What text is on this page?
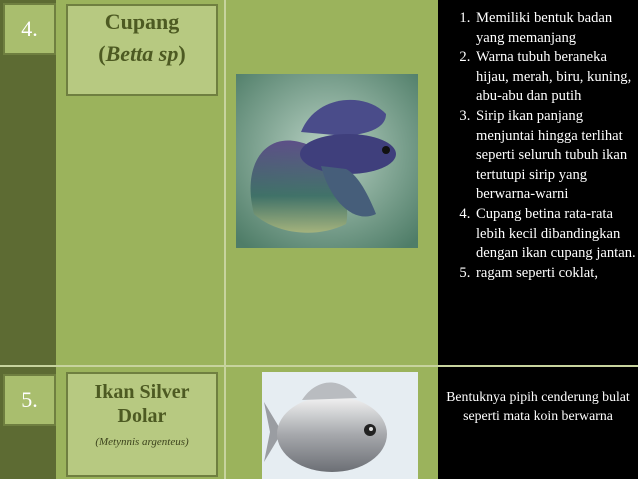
4.	Cupang
(Betta sp)
1. Memiliki bentuk badan yang memanjang
2. Warna tubuh beraneka hijau, merah, biru, kuning, abu-abu dan putih
3. Sirip ikan panjang menjuntai hingga terlihat seperti seluruh tubuh ikan tertutupi sirip yang berwarna-warni
4. Cupang betina rata-rata lebih kecil dibandingkan dengan ikan cupang jantan.
5. ragam seperti coklat,
5.	Ikan Silver
Dolar
(Metynnis argenteus)
Bentuknya pipih cenderung bulat seperti mata koin berwarna
